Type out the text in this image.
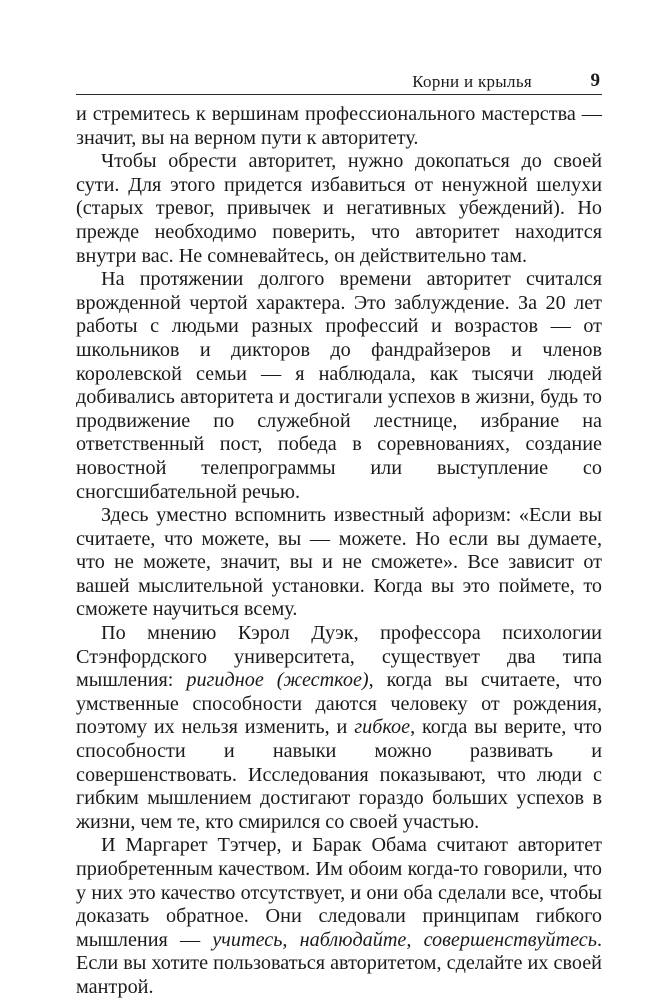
Корни и крылья	9

и стремитесь к вершинам профессионального мастерства — значит, вы на верном пути к авторитету.

Чтобы обрести авторитет, нужно докопаться до своей сути. Для этого придется избавиться от ненужной шелухи (старых тревог, привычек и негативных убеждений). Но прежде необходимо поверить, что авторитет находится внутри вас. Не сомневайтесь, он действительно там.

На протяжении долгого времени авторитет считался врожденной чертой характера. Это заблуждение. За 20 лет работы с людьми разных профессий и возрастов — от школьников и дикторов до фандрайзеров и членов королевской семьи — я наблюдала, как тысячи людей добивались авторитета и достигали успехов в жизни, будь то продвижение по служебной лестнице, избрание на ответственный пост, победа в соревнованиях, создание новостной телепрограммы или выступление со сногсшибательной речью.

Здесь уместно вспомнить известный афоризм: «Если вы считаете, что можете, вы — можете. Но если вы думаете, что не можете, значит, вы и не сможете». Все зависит от вашей мыслительной установки. Когда вы это поймете, то сможете научиться всему.

По мнению Кэрол Дуэк, профессора психологии Стэнфордского университета, существует два типа мышления: ригидное (жесткое), когда вы считаете, что умственные способности даются человеку от рождения, поэтому их нельзя изменить, и гибкое, когда вы верите, что способности и навыки можно развивать и совершенствовать. Исследования показывают, что люди с гибким мышлением достигают гораздо больших успехов в жизни, чем те, кто смирился со своей участью.

И Маргарет Тэтчер, и Барак Обама считают авторитет приобретенным качеством. Им обоим когда-то говорили, что у них это качество отсутствует, и они оба сделали все, чтобы доказать обратное. Они следовали принципам гибкого мышления — учитесь, наблюдайте, совершенствуйтесь. Если вы хотите пользоваться авторитетом, сделайте их своей мантрой.
